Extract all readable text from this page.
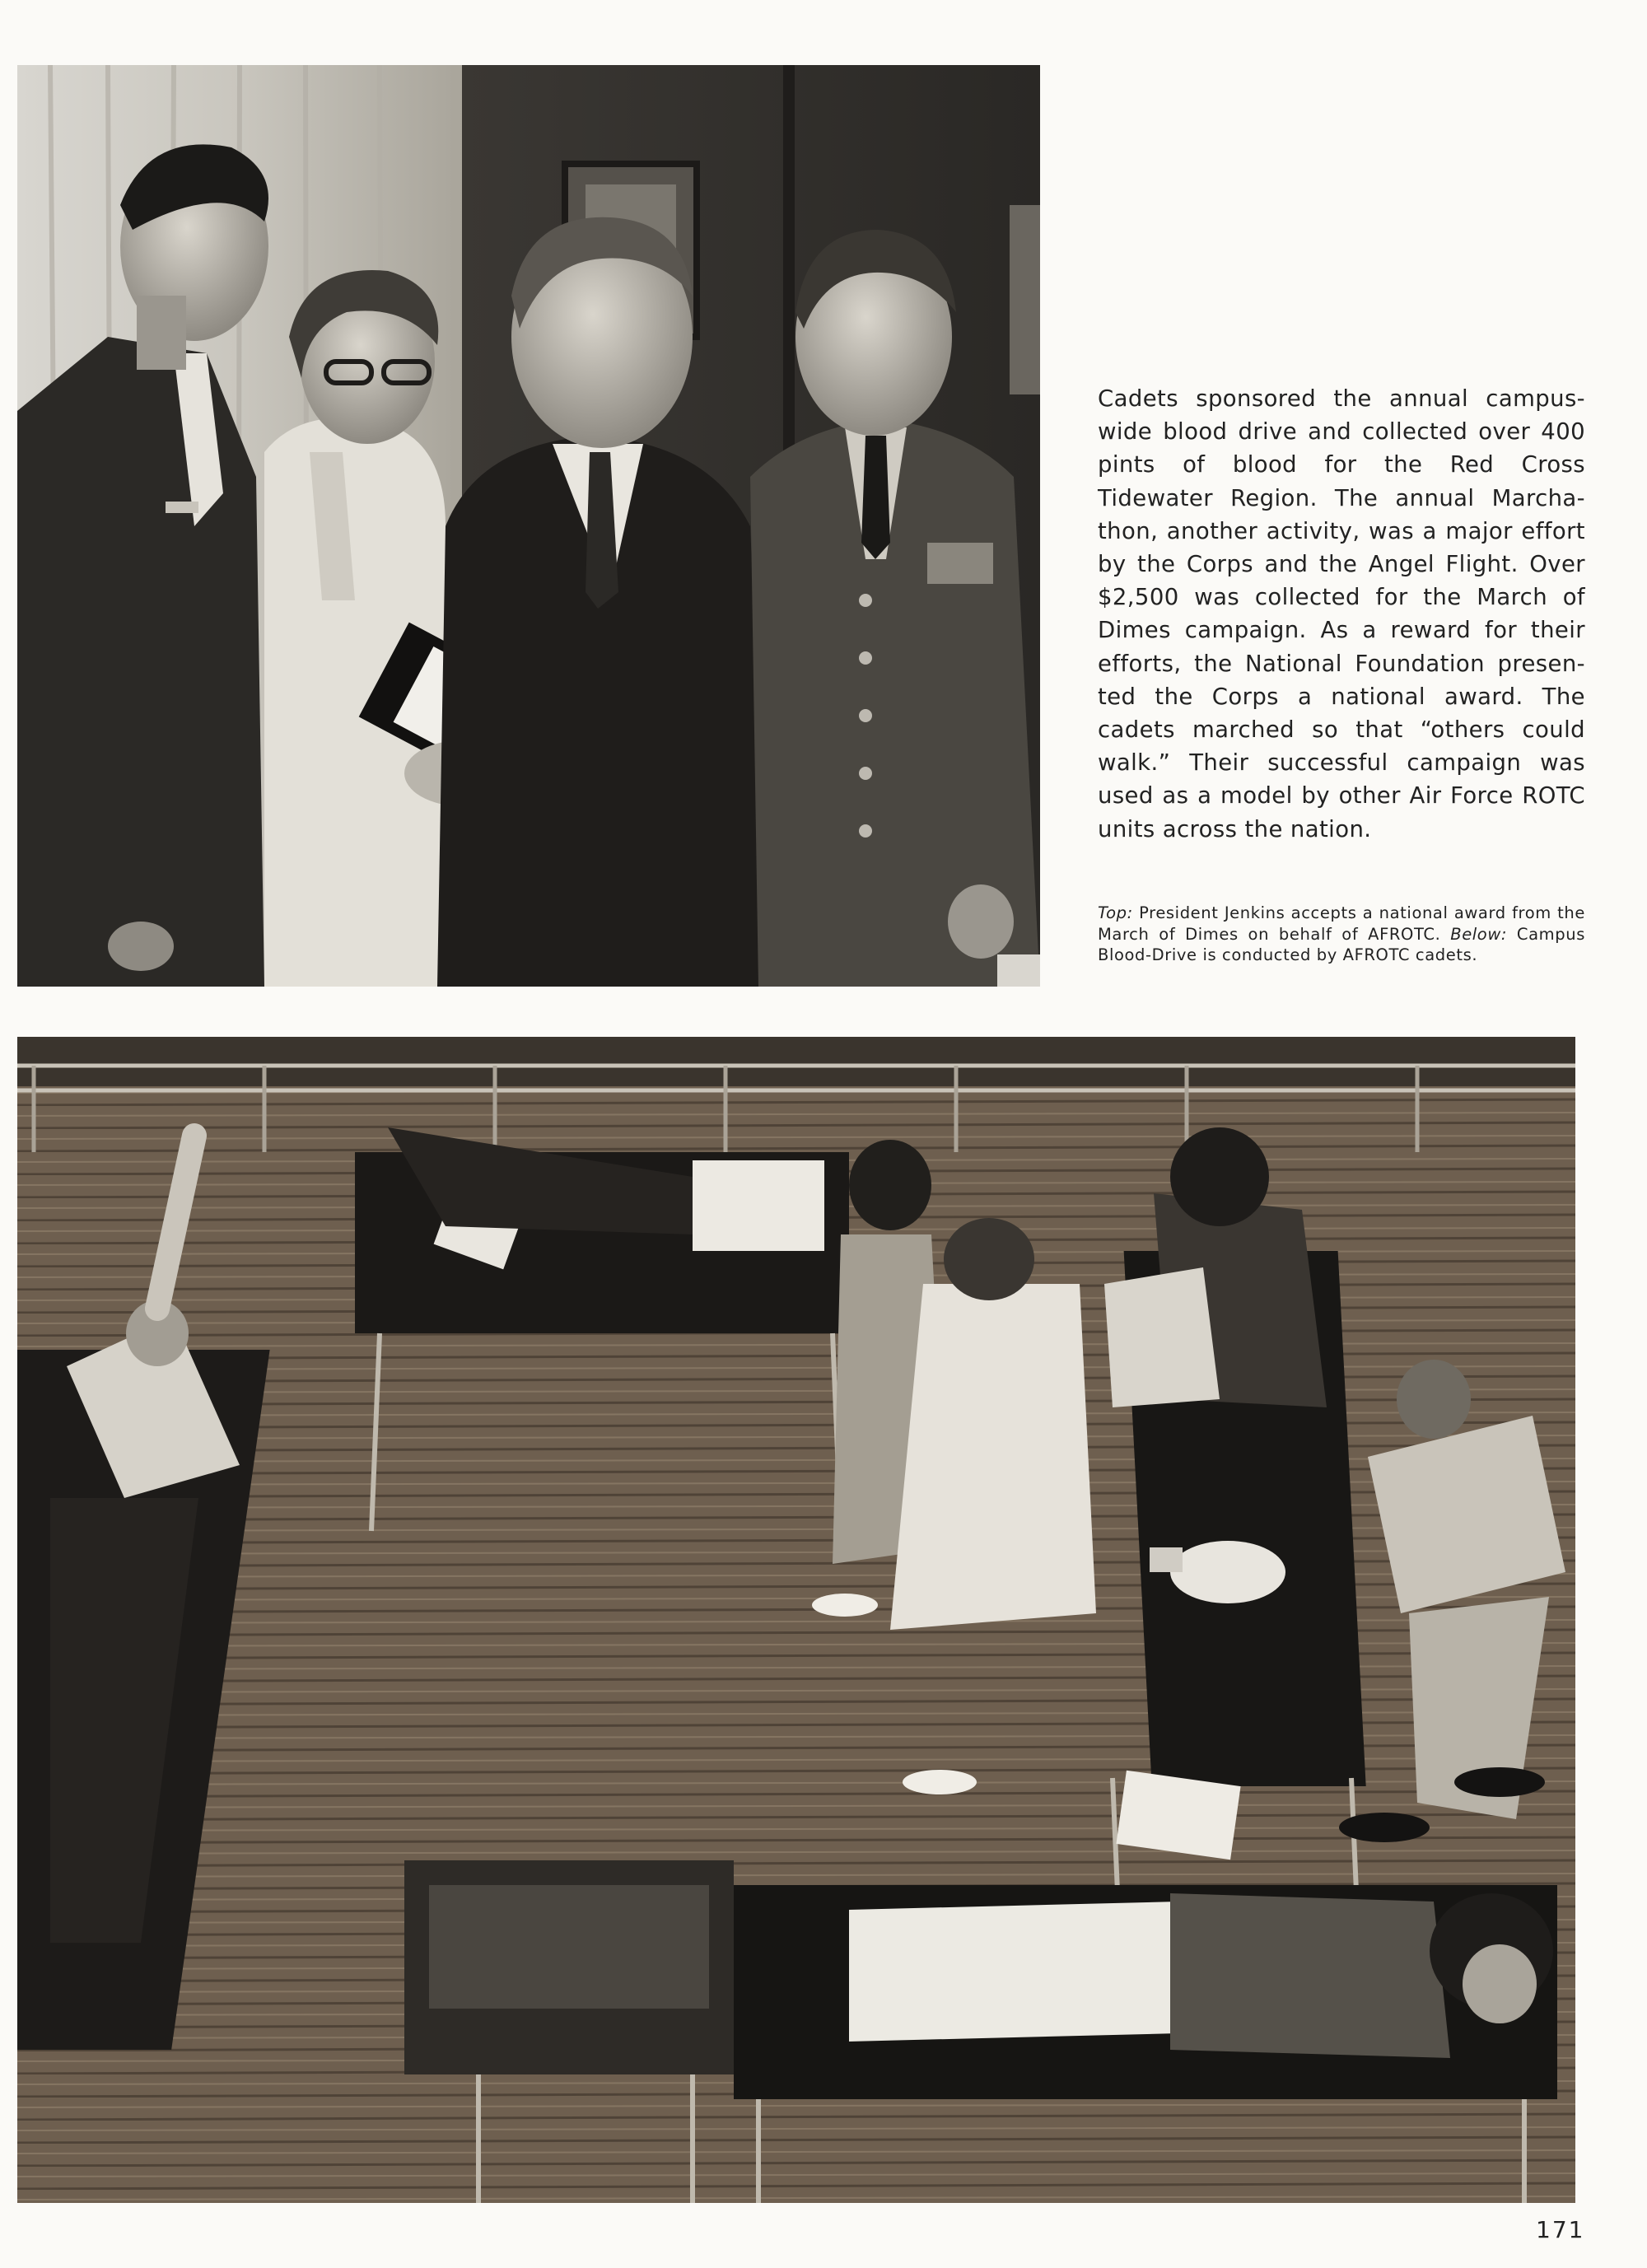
Cadets sponsored the annual campus-wide blood drive and collected over 400 pints of blood for the Red Cross Tidewater Region. The annual Marcha-thon, another activity, was a major effort by the Corps and the Angel Flight. Over $2,500 was collected for the March of Dimes campaign. As a reward for their efforts, the National Foundation presen-ted the Corps a national award. The cadets marched so that “others could walk.” Their successful campaign was used as a model by other Air Force ROTC units across the nation.

Top: President Jenkins accepts a national award from the March of Dimes on behalf of AFROTC. Below: Campus Blood-Drive is conducted by AFROTC cadets.

171
